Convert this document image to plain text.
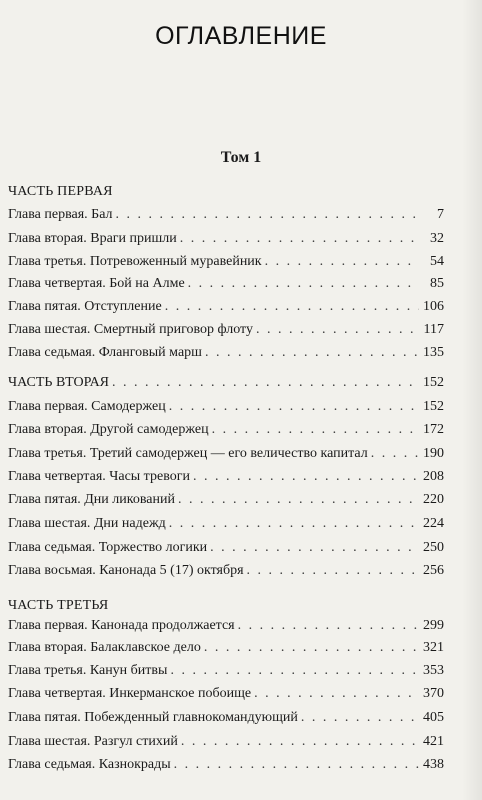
ОГЛАВЛЕНИЕ
Том 1
ЧАСТЬ ПЕРВАЯ
Глава первая. Бал . . .	7
Глава вторая. Враги пришли . . .	32
Глава третья. Потревоженный муравейник . . .	54
Глава четвертая. Бой на Алме . . .	85
Глава пятая. Отступление . . .	106
Глава шестая. Смертный приговор флоту . . .	117
Глава седьмая. Фланговый марш . . .	135
ЧАСТЬ ВТОРАЯ . . .	152
Глава первая. Самодержец . . .	152
Глава вторая. Другой самодержец . . .	172
Глава третья. Третий самодержец — его величество капитал . . .	190
Глава четвертая. Часы тревоги . . .	208
Глава пятая. Дни ликований . . .	220
Глава шестая. Дни надежд . . .	224
Глава седьмая. Торжество логики . . .	250
Глава восьмая. Канонада 5 (17) октября . . .	256
ЧАСТЬ ТРЕТЬЯ
Глава первая. Канонада продолжается . . .	299
Глава вторая. Балаклавское дело . . .	321
Глава третья. Канун битвы . . .	353
Глава четвертая. Инкерманское побоище . . .	370
Глава пятая. Побежденный главнокомандующий . . .	405
Глава шестая. Разгул стихий . . .	421
Глава седьмая. Казнокрады . . .	438
